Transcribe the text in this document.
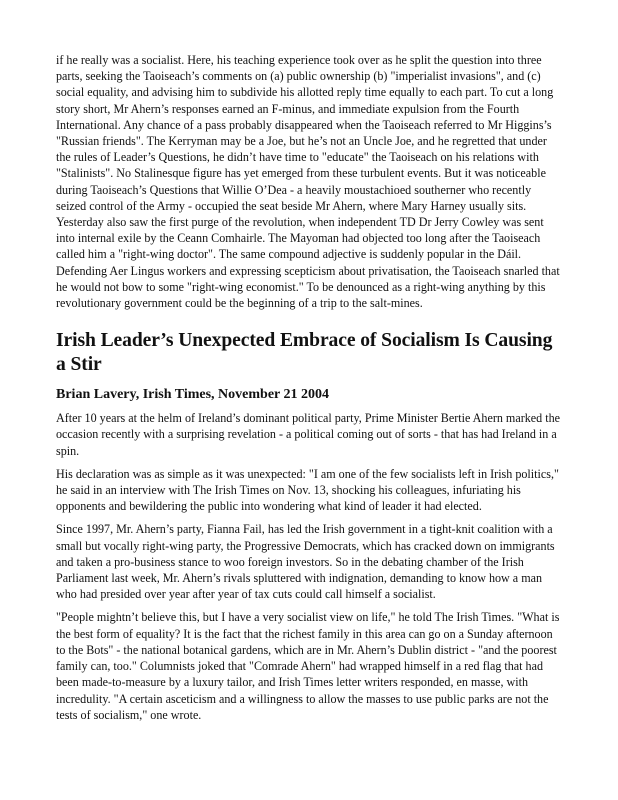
if he really was a socialist. Here, his teaching experience took over as he split the question into three parts, seeking the Taoiseach’s comments on (a) public ownership (b) "imperialist invasions", and (c) social equality, and advising him to subdivide his allotted reply time equally to each part. To cut a long story short, Mr Ahern’s responses earned an F-minus, and immediate expulsion from the Fourth International. Any chance of a pass probably disappeared when the Taoiseach referred to Mr Higgins’s "Russian friends". The Kerryman may be a Joe, but he’s not an Uncle Joe, and he regretted that under the rules of Leader’s Questions, he didn’t have time to "educate" the Taoiseach on his relations with "Stalinists". No Stalinesque figure has yet emerged from these turbulent events. But it was noticeable during Taoiseach’s Questions that Willie O’Dea - a heavily moustachioed southerner who recently seized control of the Army - occupied the seat beside Mr Ahern, where Mary Harney usually sits. Yesterday also saw the first purge of the revolution, when independent TD Dr Jerry Cowley was sent into internal exile by the Ceann Comhairle. The Mayoman had objected too long after the Taoiseach called him a "right-wing doctor". The same compound adjective is suddenly popular in the Dáil. Defending Aer Lingus workers and expressing scepticism about privatisation, the Taoiseach snarled that he would not bow to some "right-wing economist." To be denounced as a right-wing anything by this revolutionary government could be the beginning of a trip to the salt-mines.

Irish Leader’s Unexpected Embrace of Socialism Is Causing a Stir
Brian Lavery, Irish Times, November 21 2004

After 10 years at the helm of Ireland’s dominant political party, Prime Minister Bertie Ahern marked the occasion recently with a surprising revelation - a political coming out of sorts - that has had Ireland in a spin.

His declaration was as simple as it was unexpected: "I am one of the few socialists left in Irish politics," he said in an interview with The Irish Times on Nov. 13, shocking his colleagues, infuriating his opponents and bewildering the public into wondering what kind of leader it had elected.

Since 1997, Mr. Ahern’s party, Fianna Fail, has led the Irish government in a tight-knit coalition with a small but vocally right-wing party, the Progressive Democrats, which has cracked down on immigrants and taken a pro-business stance to woo foreign investors. So in the debating chamber of the Irish Parliament last week, Mr. Ahern’s rivals spluttered with indignation, demanding to know how a man who had presided over year after year of tax cuts could call himself a socialist.

"People mightn’t believe this, but I have a very socialist view on life," he told The Irish Times. "What is the best form of equality? It is the fact that the richest family in this area can go on a Sunday afternoon to the Bots" - the national botanical gardens, which are in Mr. Ahern’s Dublin district - "and the poorest family can, too." Columnists joked that "Comrade Ahern" had wrapped himself in a red flag that had been made-to-measure by a luxury tailor, and Irish Times letter writers responded, en masse, with incredulity. "A certain asceticism and a willingness to allow the masses to use public parks are not the tests of socialism," one wrote.
